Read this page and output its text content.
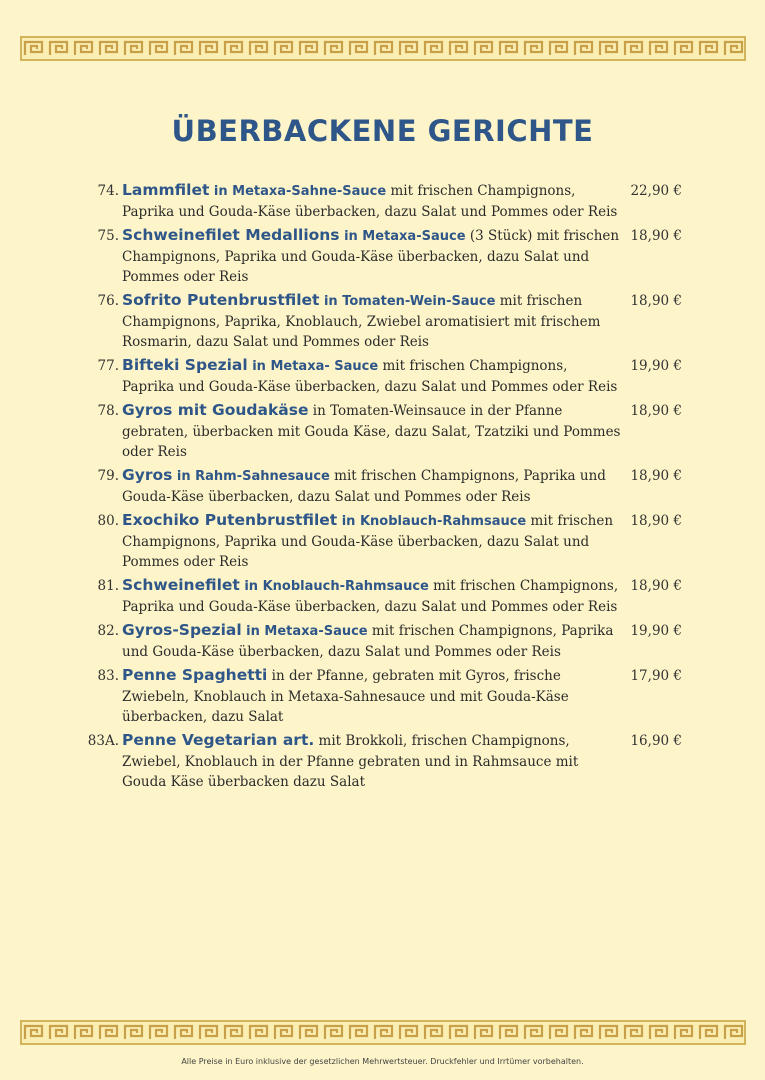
ÜBERBACKENE GERICHTE
74. Lammfilet in Metaxa-Sahne-Sauce mit frischen Champignons, Paprika und Gouda-Käse überbacken, dazu Salat und Pommes oder Reis
22,90 €
75. Schweinefilet Medallions in Metaxa-Sauce (3 Stück) mit frischen Champignons, Paprika und Gouda-Käse überbacken, dazu Salat und Pommes oder Reis
18,90 €
76. Sofrito Putenbrustfilet in Tomaten-Wein-Sauce mit frischen Champignons, Paprika, Knoblauch, Zwiebel aromatisiert mit frischem Rosmarin, dazu Salat und Pommes oder Reis
18,90 €
77. Bifteki Spezial in Metaxa- Sauce mit frischen Champignons, Paprika und Gouda-Käse überbacken, dazu Salat und Pommes oder Reis
19,90 €
78. Gyros mit Goudakäse in Tomaten-Weinsauce in der Pfanne gebraten, überbacken mit Gouda Käse, dazu Salat, Tzatziki und Pommes oder Reis
18,90 €
79. Gyros in Rahm-Sahnesauce mit frischen Champignons, Paprika und Gouda-Käse überbacken, dazu Salat und Pommes oder Reis
18,90 €
80. Exochiko Putenbrustfilet in Knoblauch-Rahmsauce mit frischen Champignons, Paprika und Gouda-Käse überbacken, dazu Salat und Pommes oder Reis
18,90 €
81. Schweinefilet in Knoblauch-Rahmsauce mit frischen Champignons, Paprika und Gouda-Käse überbacken, dazu Salat und Pommes oder Reis
18,90 €
82. Gyros-Spezial in Metaxa-Sauce mit frischen Champignons, Paprika und Gouda-Käse überbacken, dazu Salat und Pommes oder Reis
19,90 €
83. Penne Spaghetti in der Pfanne, gebraten mit Gyros, frische Zwiebeln, Knoblauch in Metaxa-Sahnesauce und mit Gouda-Käse überbacken, dazu Salat
17,90 €
83A. Penne Vegetarian art. mit Brokkoli, frischen Champignons, Zwiebel, Knoblauch in der Pfanne gebraten und in Rahmsauce mit Gouda Käse überbacken dazu Salat
16,90 €
Alle Preise in Euro inklusive der gesetzlichen Mehrwertsteuer. Druckfehler und Irrtümer vorbehalten.
